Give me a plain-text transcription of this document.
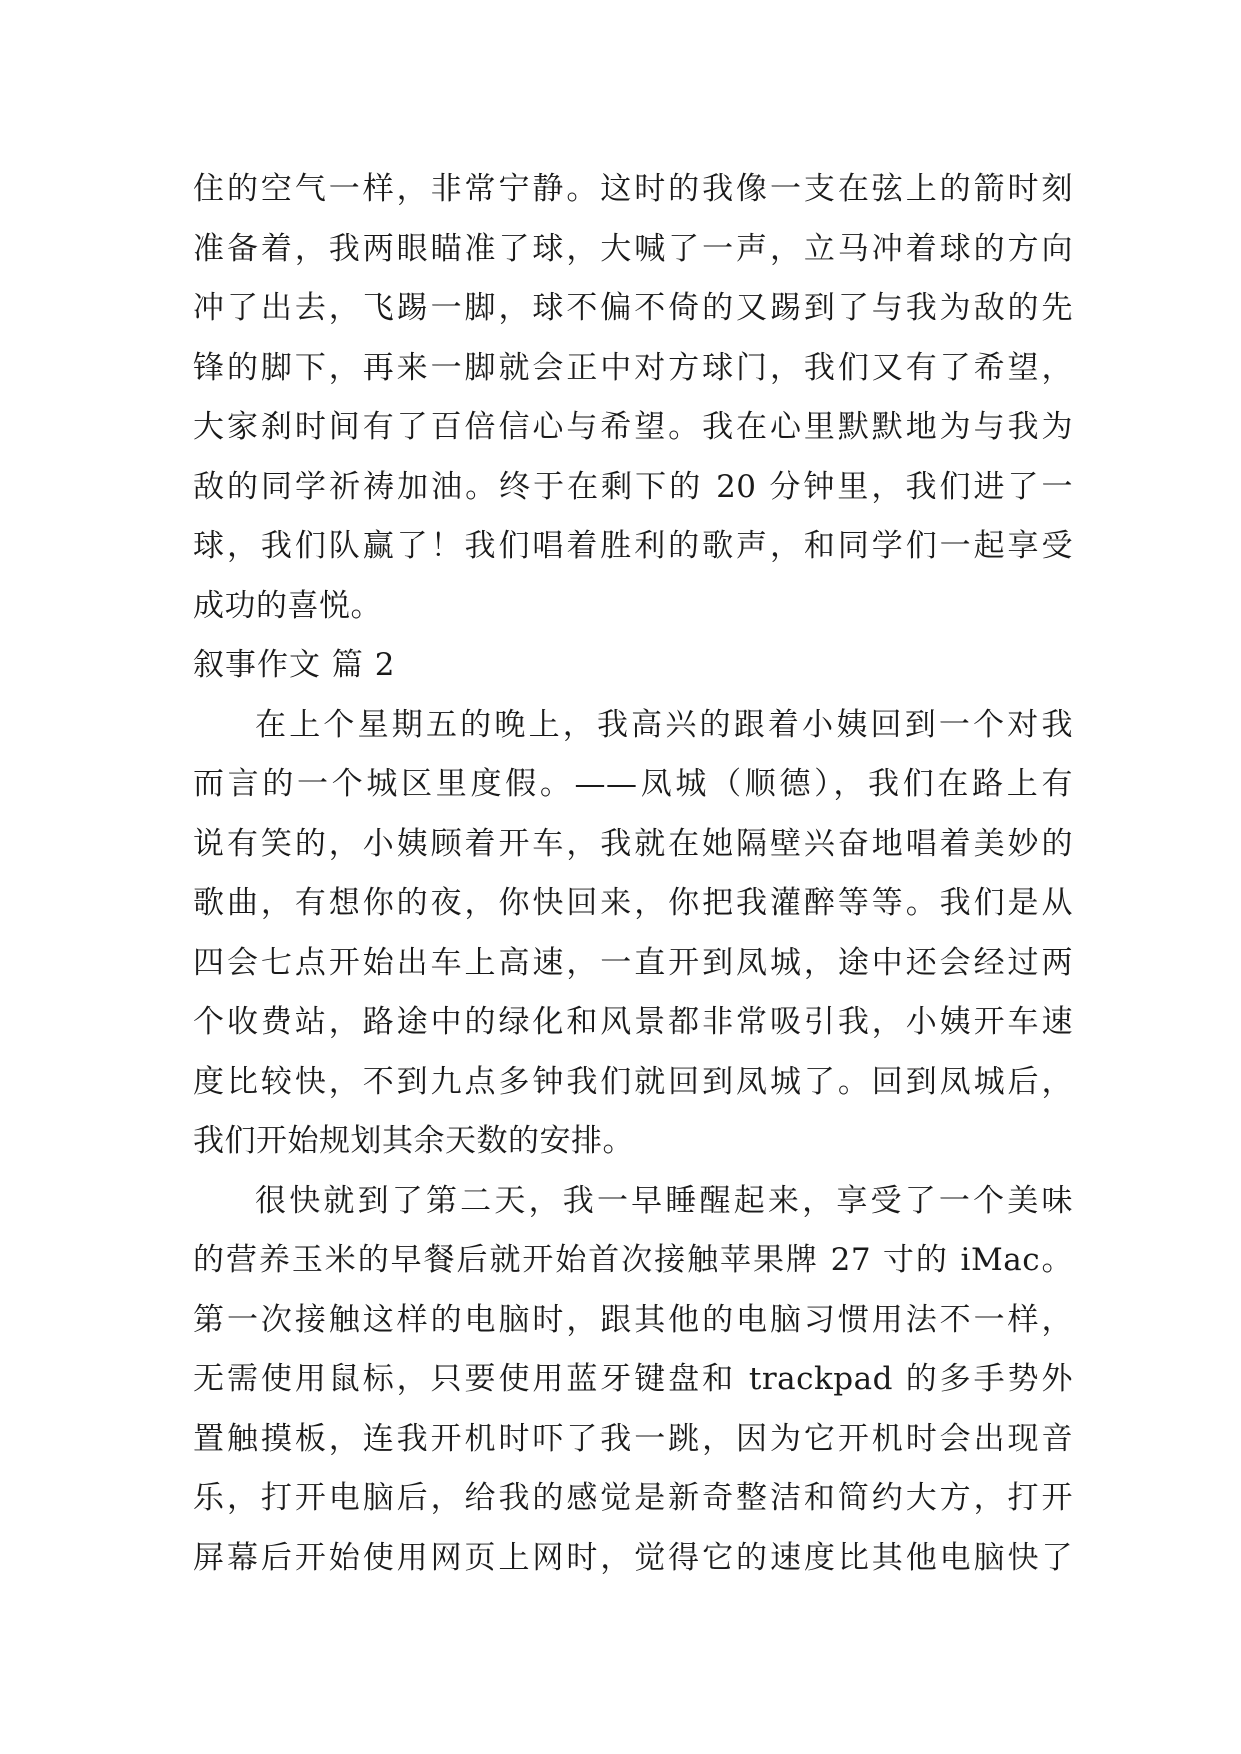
住的空气一样，非常宁静。这时的我像一支在弦上的箭时刻
准备着，我两眼瞄准了球，大喊了一声，立马冲着球的方向
冲了出去，飞踢一脚，球不偏不倚的又踢到了与我为敌的先
锋的脚下，再来一脚就会正中对方球门，我们又有了希望，
大家刹时间有了百倍信心与希望。我在心里默默地为与我为
敌的同学祈祷加油。终于在剩下的 20 分钟里，我们进了一
球，我们队赢了！我们唱着胜利的歌声，和同学们一起享受
成功的喜悦。
叙事作文 篇 2
在上个星期五的晚上，我高兴的跟着小姨回到一个对我
而言的一个城区里度假。——凤城（顺德），我们在路上有
说有笑的，小姨顾着开车，我就在她隔壁兴奋地唱着美妙的
歌曲，有想你的夜，你快回来，你把我灌醉等等。我们是从
四会七点开始出车上高速，一直开到凤城，途中还会经过两
个收费站，路途中的绿化和风景都非常吸引我，小姨开车速
度比较快，不到九点多钟我们就回到凤城了。回到凤城后，
我们开始规划其余天数的安排。
很快就到了第二天，我一早睡醒起来，享受了一个美味
的营养玉米的早餐后就开始首次接触苹果牌 27 寸的 iMac。
第一次接触这样的电脑时，跟其他的电脑习惯用法不一样，
无需使用鼠标，只要使用蓝牙键盘和 trackpad 的多手势外
置触摸板，连我开机时吓了我一跳，因为它开机时会出现音
乐，打开电脑后，给我的感觉是新奇整洁和简约大方，打开
屏幕后开始使用网页上网时，觉得它的速度比其他电脑快了
